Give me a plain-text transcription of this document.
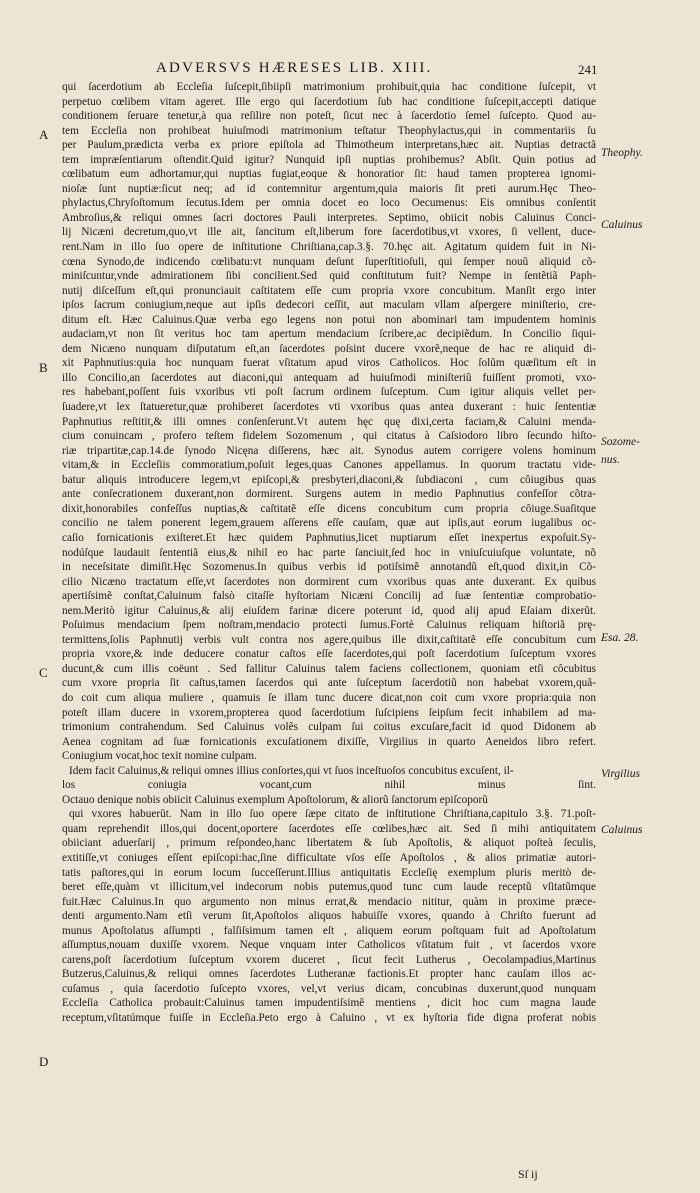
ADVERSVS HÆRESES LIB. XIII.	241
A
B
C
D
Theophy.
Caluinus
Sozome-
nus.
Esa. 28.
Virgilius
Caluinus
qui ſacerdotium ab Eccleſia ſuſcepit,ſibiipſi matrimonium prohibuit,quia hac conditione ſuſcepit, vt
perpetuo cœlibem vitam ageret. Ille ergo qui ſacerdotium ſub hac conditione ſuſcepit,accepti datique
conditionem ſeruare tenetur,à qua reſilire non poteſt, ſicut nec à ſacerdotio ſemel ſuſcepto. Quod au-
tem Eccleſia non prohibeat huiuſmodi matrimonium teſtatur Theophylactus,qui in commentariis ſu
per Paulum,prædicta verba ex priore epiſtola ad Thimotheum interpretans,hæc ait. Nuptias detractã
tem impræſentiarum oſtendit.Quid igitur? Nunquid ipſi nuptias prohibemus? Abſit. Quin potius ad
cœlibatum eum adhortamur,qui nuptias fugiat,eoque & honoratior ſit: haud tamen propterea ignomi-
nioſæ ſunt nuptiæ:ſicut neq; ad id contemnitur argentum,quia maioris ſit preti aurum.Hęc Theo-
phylactus,Chryſoſtomum ſecutus.Idem per omnia docet eo loco Oecumenus: Eis omnibus conſentit
Ambroſius,& reliqui omnes ſacri doctores Pauli interpretes. Septimo, obiicit nobis Caluinus Conci-
lij Nicæni decretum,quo,vt ille ait, ſancitum eſt,liberum fore ſacerdotibus,vt vxores, ſi vellent, ducе-
rent.Nam in illo ſuo opere de inſtitutione Chriſtiana,cap.3.§. 70.hęc ait. Agitatum quidem fuit in Ni-
cœna Synodo,de indicendo cœlibatu:vt nunquam deſunt ſuperſtitioſuli, qui ſemper nouũ aliquid cõ-
miniſcuntur,vnde admirationem ſibi concilient.Sed quid conſtitutum fuit? Nempe in ſentẽtiã Paph-
nutij diſceſſum eſt,qui pronunciauit caſtitatem eſſe cum propria vxore concubitum. Manſit ergo inter
ipſos ſacrum coniugium,neque aut ipſis dedecori ceſſit, aut maculam vllam aſpergere miniſterio, cre-
ditum eſt. Hæc Caluinus.Quæ verba ego legens non potui non abominari tam impudentem hominis
audaciam,vt non ſit veritus hoc tam apertum mendacium ſcribere,ac decipiẽdum. In Concilio ſiqui-
dem Nicæno nunquam diſputatum eſt,an ſacerdotes poſsint ducere vxorẽ,neque de hac re aliquid di-
xit Paphnutius:quia hoc nunquam fuerat vſitatum apud viros Catholicos. Hoc ſolũm quæſitum eſt in
illo Concilio,an ſacerdotes aut diaconi,qui antequam ad huiuſmodi miniſteriũ fuiſſent promoti, vxo-
res habebant,poſſent ſuis vxoribus vti poſt ſacrum ordinem ſuſceptum. Cum igitur aliquis vellet per-
ſuadere,vt lex ſtatueretur,quæ prohiberet ſacerdotes vti vxoribus quas antea duxerant : huic ſententiæ
Paphnutius reſtitit,& illi omnes conſenſerunt.Vt autem hęc quę dixi,certa faciam,& Caluini menda-
cium conuincam , profero teſtem fidelem Sozomenum , qui citatus à Caſsiodoro libro ſecundo hiſto-
riæ tripartitæ,cap.14.de ſynodo Nicęna diſſerens, hæc ait. Synodus autem corrigere volens hominum
vitam,& in Eccleſiis commoratium,poſuit leges,quas Canones appellamus. In quorum tractatu vide-
batur aliquis introducere legem,vt epiſcopi,& presbyteri,diaconi,& ſubdiaconi , cum côiugibus quas
ante conſecrationem duxerant,non dormirent. Surgens autem in medio Paphnutius confeſſor cõtra-
dixit,honorabiles confeſſus nuptias,& caſtitatẽ eſſe dicens concubitum cum propria côiuge.Suaſitque
concilio ne talem ponerent legem,grauem aſſerens eſſe cauſam, quæ aut ipſis,aut eorum iugalibus oc-
caſio fornicationis exiſteret.Et hæc quidem Paphnutius,licet nuptiarum eſſet inexpertus expoſuit.Sy-
nodúſque laudauit ſententiã eius,& nihil eo hac parte ſanciuit,ſed hoc in vniuſcuiuſque voluntate, nõ
in neceſsitate dimiſit.Hęc Sozomenus.In quibus verbis id potiſsimẽ annotandũ eſt,quod dixit,in Cõ-
cilio Nicæno tractatum eſſe,vt ſacerdotes non dormirent cum vxoribus quas ante duxerant. Ex quibus
apertiſsimẽ conſtat,Caluinum falsò citaſſe hyſtoriam Nicæni Concilij ad ſuæ ſententiæ comprobatio-
nem.Meritò igitur Caluinus,& alij eiuſdem farinæ dicere poterunt id, quod alij apud Eſaiam dixerũt.
Poſuimus mendacium ſpem noſtram,mendacio protecti ſumus.Fortè Caluinus reliquam hiſtoriã prę-
termittens,ſolis Paphnutij verbis vult contra nos agere,quibus ille dixit,caſtitatẽ eſſe concubitum cum
propria vxore,& inde deducere conatur caſtos eſſe ſacerdotes,qui poſt ſacerdotium ſuſceptum vxores
ducunt,& cum illis coëunt . Sed fallitur Caluinus talem faciens collectionem, quoniam etſi côcubitus
cum vxore propria ſit caſtus,tamen ſacerdos qui ante ſuſceptum ſacerdotiũ non habebat vxorem,quã-
do coit cum aliqua muliere , quamuis ſe illam tunc ducere dicat,non coit cum vxore propria:quia non
poteſt illam ducere in vxorem,propterea quod ſacerdotium ſuſcipiens ſeipſum fecit inhabilem ad ma-
trimonium contrahendum. Sed Caluinus volẽs culpam ſui coitus excuſare,facit id quod Didonem ab
Aenea cognitam ad ſuæ fornicationis excuſationem dixiſſe, Virgilius in quarto Aeneidos libro refert.
Coniugium vocat,hoc texit nomine culpam.
Idem facit Caluinus,& reliqui omnes illius conſortes,qui vt ſuos inceſtuoſos concubitus excuſent, il-
los coniugia vocant,cum nihil minus ſint.
Octauo denique nobis obiicit Caluinus exemplum Apoſtolorum, & aliorũ ſanctorum epiſcoporũ
qui vxores habuerũt. Nam in illo ſuo opere ſæpe citato de inſtitutione Chriſtiana,capitulo 3.§. 71.poſt-
quam reprehendit illos,qui docent,oportere ſacerdotes eſſe cœlibes,hæc ait. Sed ſi mihi antiquitatem
obiiciant aduerſarij , primum reſpondeo,hanc libertatem & ſub Apoſtolis, & aliquot poſteà ſeculis,
extitiſſe,vt coniuges eſſent epiſcopi:hac,ſine difficultate vſos eſſe Apoſtolos , & alios primatiæ autori-
tatis paſtores,qui in eorum locum ſucceſſerunt.Illius antiquitatis Eccleſię exemplum pluris meritò de-
beret eſſe,quàm vt illicitum,vel indecorum nobis putemus,quod tunc cum laude receptũ vſitatũmque
fuit.Hæc Caluinus.In quo argumento non minus errat,& mendacio nititur, quàm in proxime præce-
denti argumento.Nam etſi verum ſit,Apoſtolos aliquos habuiſſe vxores, quando à Chriſto fuerunt ad
munus Apoſtolatus aſſumpti , falſiſsimum tamen eſt , aliquem eorum poſtquam fuit ad Apoſtolatum
aſſumptus,nouam duxiſſe vxorem. Neque vnquam inter Catholicos vſitatum fuit , vt ſacerdos vxore
carens,poſt ſacerdotium ſuſceptum vxorem duceret , ſicut fecit Lutherus , Oecolampadius,Martinus
Butzerus,Caluinus,& reliqui omnes ſacerdotes Lutheranæ factionis.Et propter hanc cauſam illos ac-
cuſamus , quia ſacerdotio ſuſcepto vxores, vel,vt verius dicam, concubinas duxerunt,quod nunquam
Eccleſia Catholica probauit:Caluinus tamen impudentiſsimẽ mentiens , dicit hoc cum magna laude
receptum,vſitatúmque fuiſſe in Eccleſia.Peto ergo à Caluino , vt ex hyſtoria fide digna proferat nobis
Sſ ij
